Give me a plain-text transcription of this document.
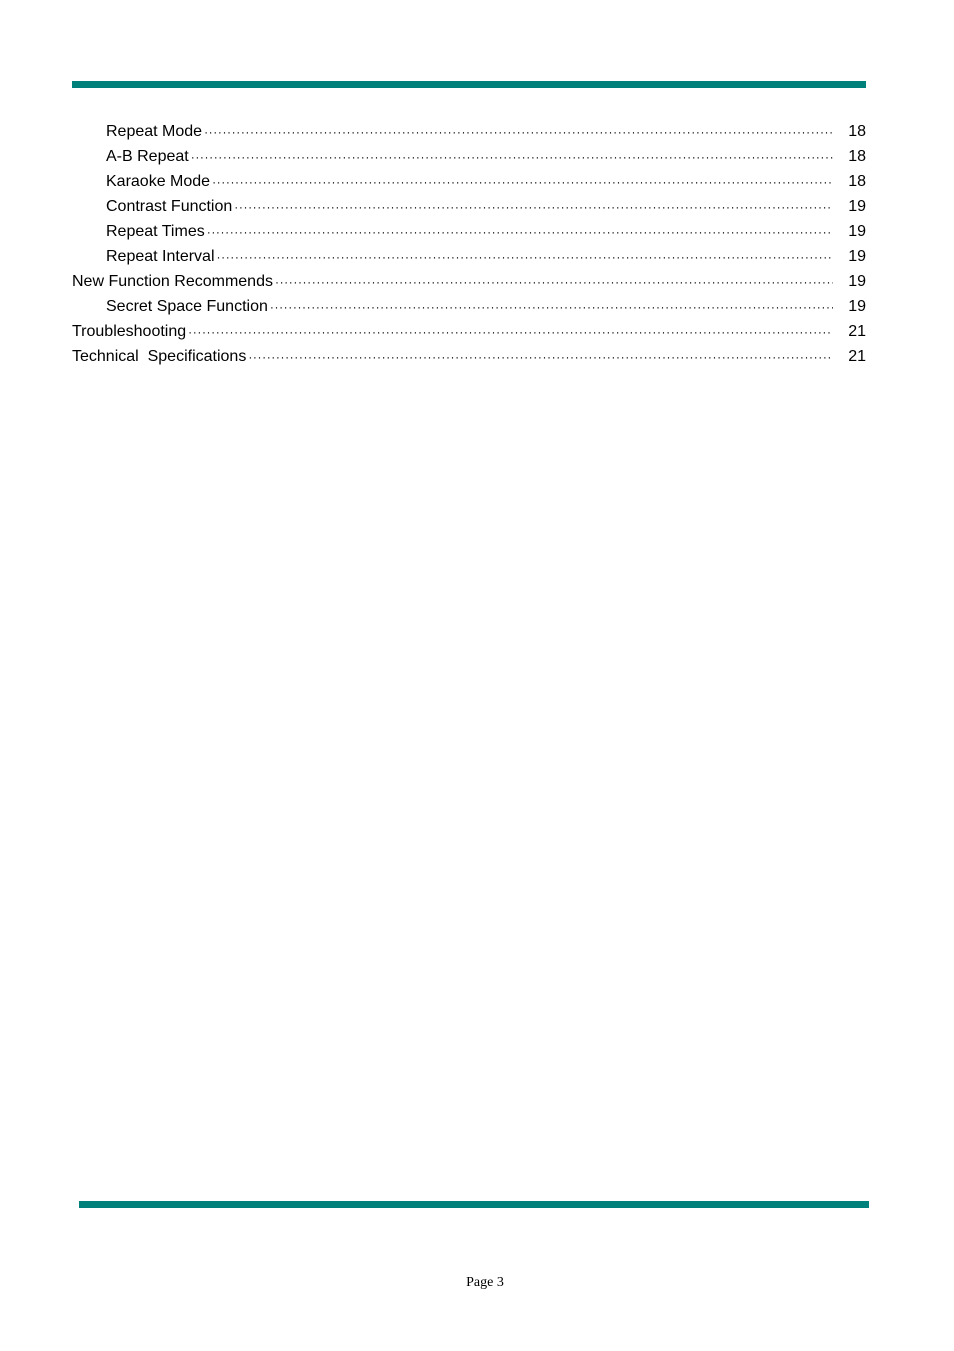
Repeat Mode ·····	18
A-B Repeat ·····	18
Karaoke Mode ·····	18
Contrast Function ·····	19
Repeat Times ·····	19
Repeat Interval ·····	19
New Function Recommends ·····	19
Secret Space Function ·····	19
Troubleshooting ·····	21
Technical  Specifications ·····	21
Page 3
